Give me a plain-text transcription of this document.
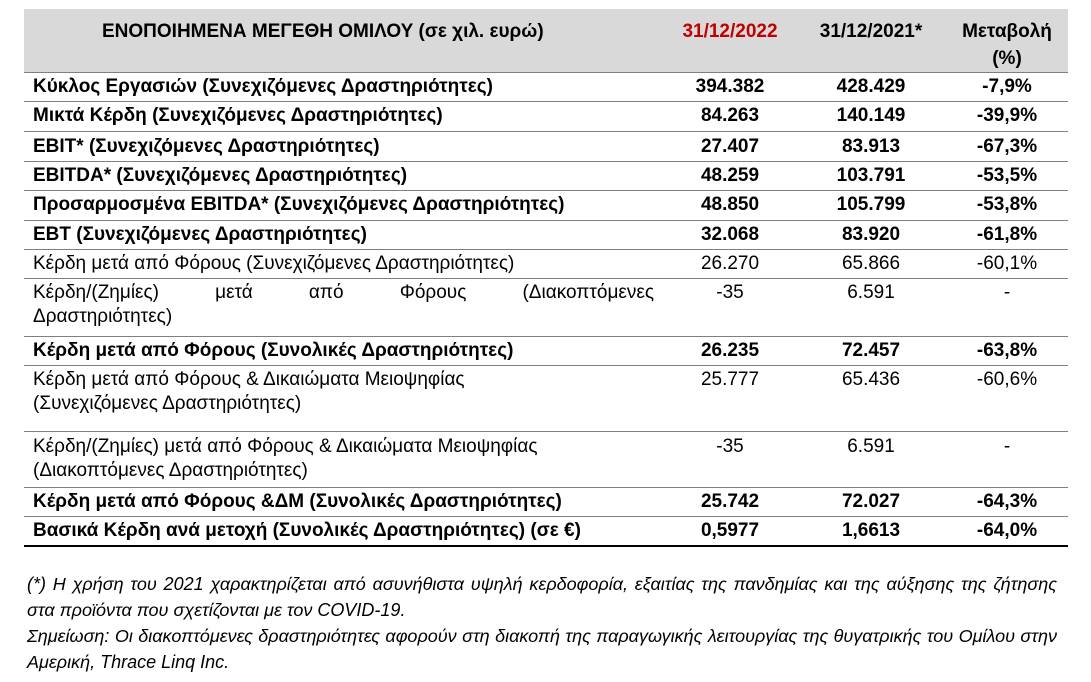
ΕΝΟΠΟΙΗΜΕΝΑ ΜΕΓΕΘΗ ΟΜΙΛΟΥ (σε χιλ. ευρώ)	31/12/2022	31/12/2021*	Μεταβολή
(%)

Κύκλος Εργασιών (Συνεχιζόμενες Δραστηριότητες)	394.382	428.429	-7,9%
Μικτά Κέρδη (Συνεχιζόμενες Δραστηριότητες)	84.263	140.149	-39,9%
EBIT* (Συνεχιζόμενες Δραστηριότητες)	27.407	83.913	-67,3%
EBITDA* (Συνεχιζόμενες Δραστηριότητες)	48.259	103.791	-53,5%
Προσαρμοσμένα EBITDA* (Συνεχιζόμενες Δραστηριότητες)	48.850	105.799	-53,8%
EBT (Συνεχιζόμενες Δραστηριότητες)	32.068	83.920	-61,8%
Κέρδη μετά από Φόρους (Συνεχιζόμενες Δραστηριότητες)	26.270	65.866	-60,1%

Κέρδη/(Ζημίες) μετά από Φόρους (Διακοπτόμενες
Δραστηριότητες)	-35	6.591	-
Κέρδη μετά από Φόρους (Συνολικές Δραστηριότητες)	26.235	72.457	-63,8%

Κέρδη μετά από Φόρους & Δικαιώματα Μειοψηφίας
(Συνεχιζόμενες Δραστηριότητες)	25.777	65.436	-60,6%

Κέρδη/(Ζημίες) μετά από Φόρους & Δικαιώματα Μειοψηφίας
(Διακοπτόμενες Δραστηριότητες)	-35	6.591	-
Κέρδη μετά από Φόρους &ΔΜ (Συνολικές Δραστηριότητες)	25.742	72.027	-64,3%
Βασικά Κέρδη ανά μετοχή (Συνολικές Δραστηριότητες) (σε €)	0,5977	1,6613	-64,0%

(*) Η χρήση του 2021 χαρακτηρίζεται από ασυνήθιστα υψηλή κερδοφορία, εξαιτίας της πανδημίας και της αύξησης της ζήτησης στα προϊόντα που σχετίζονται με τον COVID-19.

Σημείωση: Οι διακοπτόμενες δραστηριότητες αφορούν στη διακοπή της παραγωγικής λειτουργίας της θυγατρικής του Ομίλου στην Αμερική, Thrace Linq Inc.
